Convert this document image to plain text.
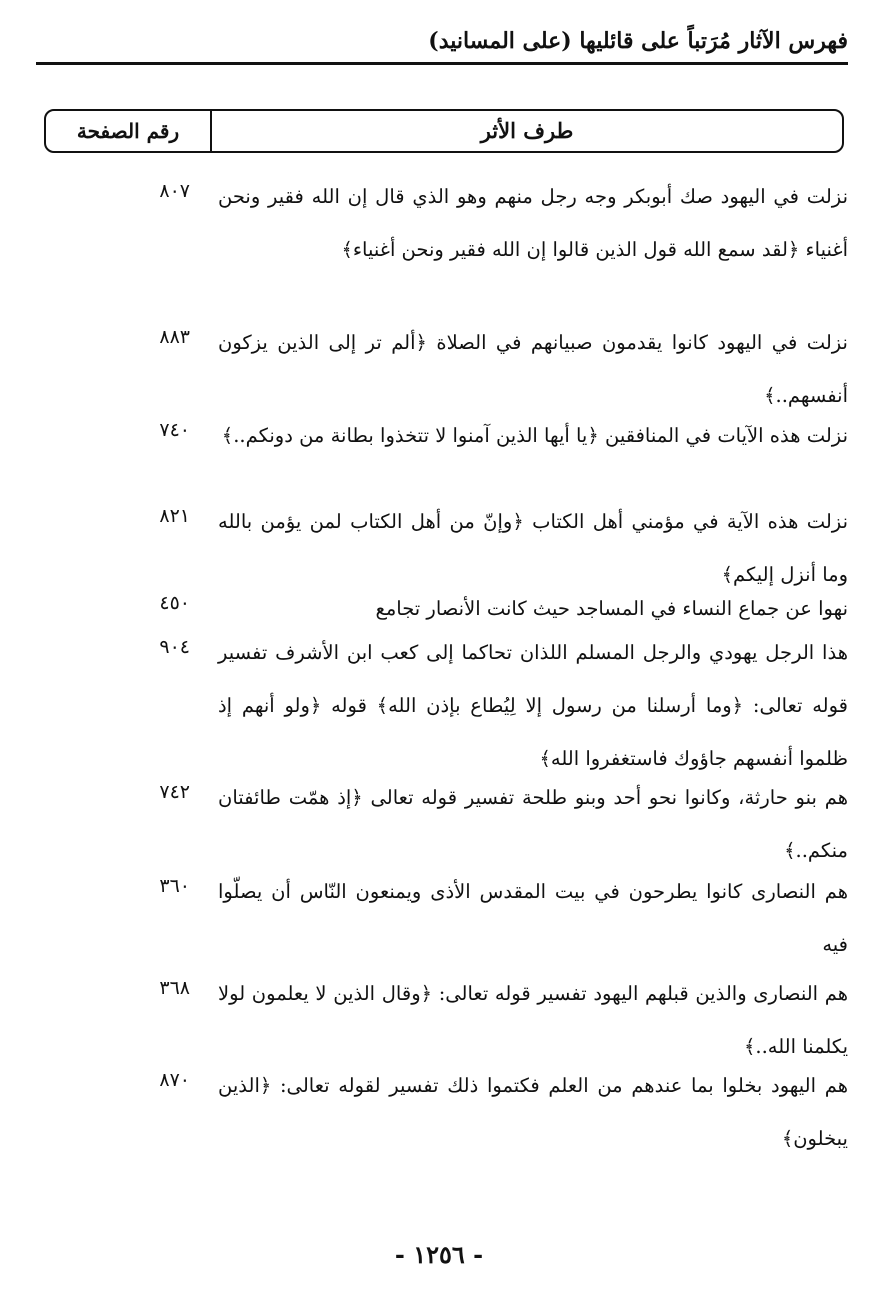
فهرس الآثار مُرَتباً على قائليها (على المسانيد)
طرف الأثر
رقم الصفحة
نزلت في اليهود صك أبوبكر وجه رجل منهم وهو الذي قال إن الله فقير ونحن أغنياء ﴿لقد سمع الله قول الذين قالوا إن الله فقير ونحن أغنياء﴾
٨٠٧
نزلت في اليهود كانوا يقدمون صبيانهم في الصلاة ﴿ألم تر إلى الذين يزكون أنفسهم..﴾
٨٨٣
نزلت هذه الآيات في المنافقين ﴿يا أيها الذين آمنوا لا تتخذوا بطانة من دونكم..﴾
٧٤٠
نزلت هذه الآية في مؤمني أهل الكتاب ﴿وإنّ من أهل الكتاب لمن يؤمن بالله وما أنزل إليكم﴾
٨٢١
نهوا عن جماع النساء في المساجد حيث كانت الأنصار تجامع
٤٥٠
هذا الرجل يهودي والرجل المسلم اللذان تحاكما إلى كعب ابن الأشرف تفسير قوله تعالى: ﴿وما أرسلنا من رسول إلا لِيُطاع بإذن الله﴾ قوله ﴿ولو أنهم إذ ظلموا أنفسهم جاؤوك فاستغفروا الله﴾
٩٠٤
هم بنو حارثة، وكانوا نحو أحد وبنو طلحة تفسير قوله تعالى ﴿إذ همّت طائفتان منكم..﴾
٧٤٢
هم النصارى كانوا يطرحون في بيت المقدس الأذى ويمنعون النّاس أن يصلّوا فيه
٣٦٠
هم النصارى والذين قبلهم اليهود تفسير قوله تعالى: ﴿وقال الذين لا يعلمون لولا يكلمنا الله..﴾
٣٦٨
هم اليهود بخلوا بما عندهم من العلم فكتموا ذلك تفسير لقوله تعالى: ﴿الذين يبخلون﴾
٨٧٠
- ١٢٥٦ -
